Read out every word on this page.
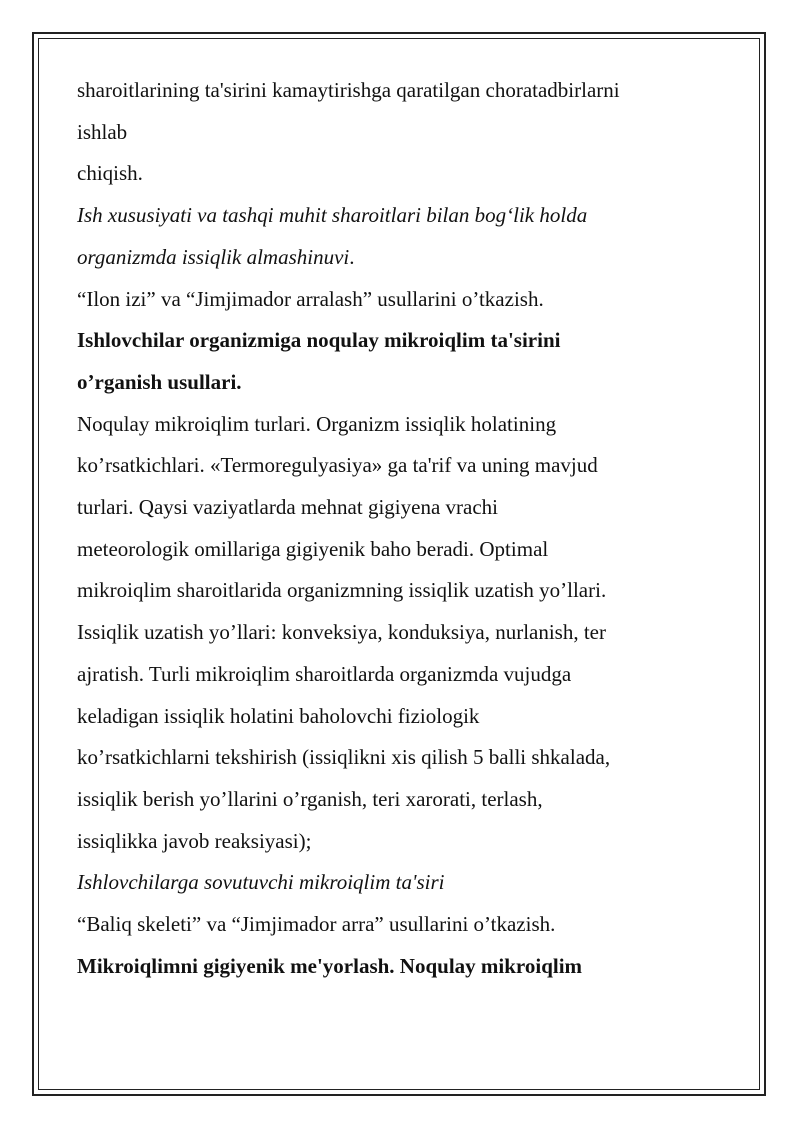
sharoitlarining ta'sirini kamaytirishga qaratilgan choratadbirlarni

ishlab

chiqish.

Ish xususiyati va tashqi muhit sharoitlari bilan bog‘lik holda

organizmda issiqlik almashinuvi.

“Ilon izi” va “Jimjimador arralash” usullarini o’tkazish.

Ishlovchilar organizmiga noqulay mikroiqlim ta'sirini

o’rganish usullari.

Noqulay mikroiqlim turlari. Organizm issiqlik holatining

ko’rsatkichlari. «Termoregulyasiya» ga ta'rif va uning mavjud

turlari. Qaysi vaziyatlarda mehnat gigiyena vrachi

meteorologik omillariga gigiyenik baho beradi. Optimal

mikroiqlim sharoitlarida organizmning issiqlik uzatish yo’llari.

Issiqlik uzatish yo’llari: konveksiya, konduksiya, nurlanish, ter

ajratish. Turli mikroiqlim sharoitlarda organizmda vujudga

keladigan issiqlik holatini baholovchi fiziologik

ko’rsatkichlarni tekshirish (issiqlikni xis qilish 5 balli shkalada,

issiqlik berish yo’llarini o’rganish, teri xarorati, terlash,

issiqlikka javob reaksiyasi);

Ishlovchilarga sovutuvchi mikroiqlim ta'siri

“Baliq skeleti” va “Jimjimador arra” usullarini o’tkazish.

Mikroiqlimni gigiyenik me'yorlash. Noqulay mikroiqlim
